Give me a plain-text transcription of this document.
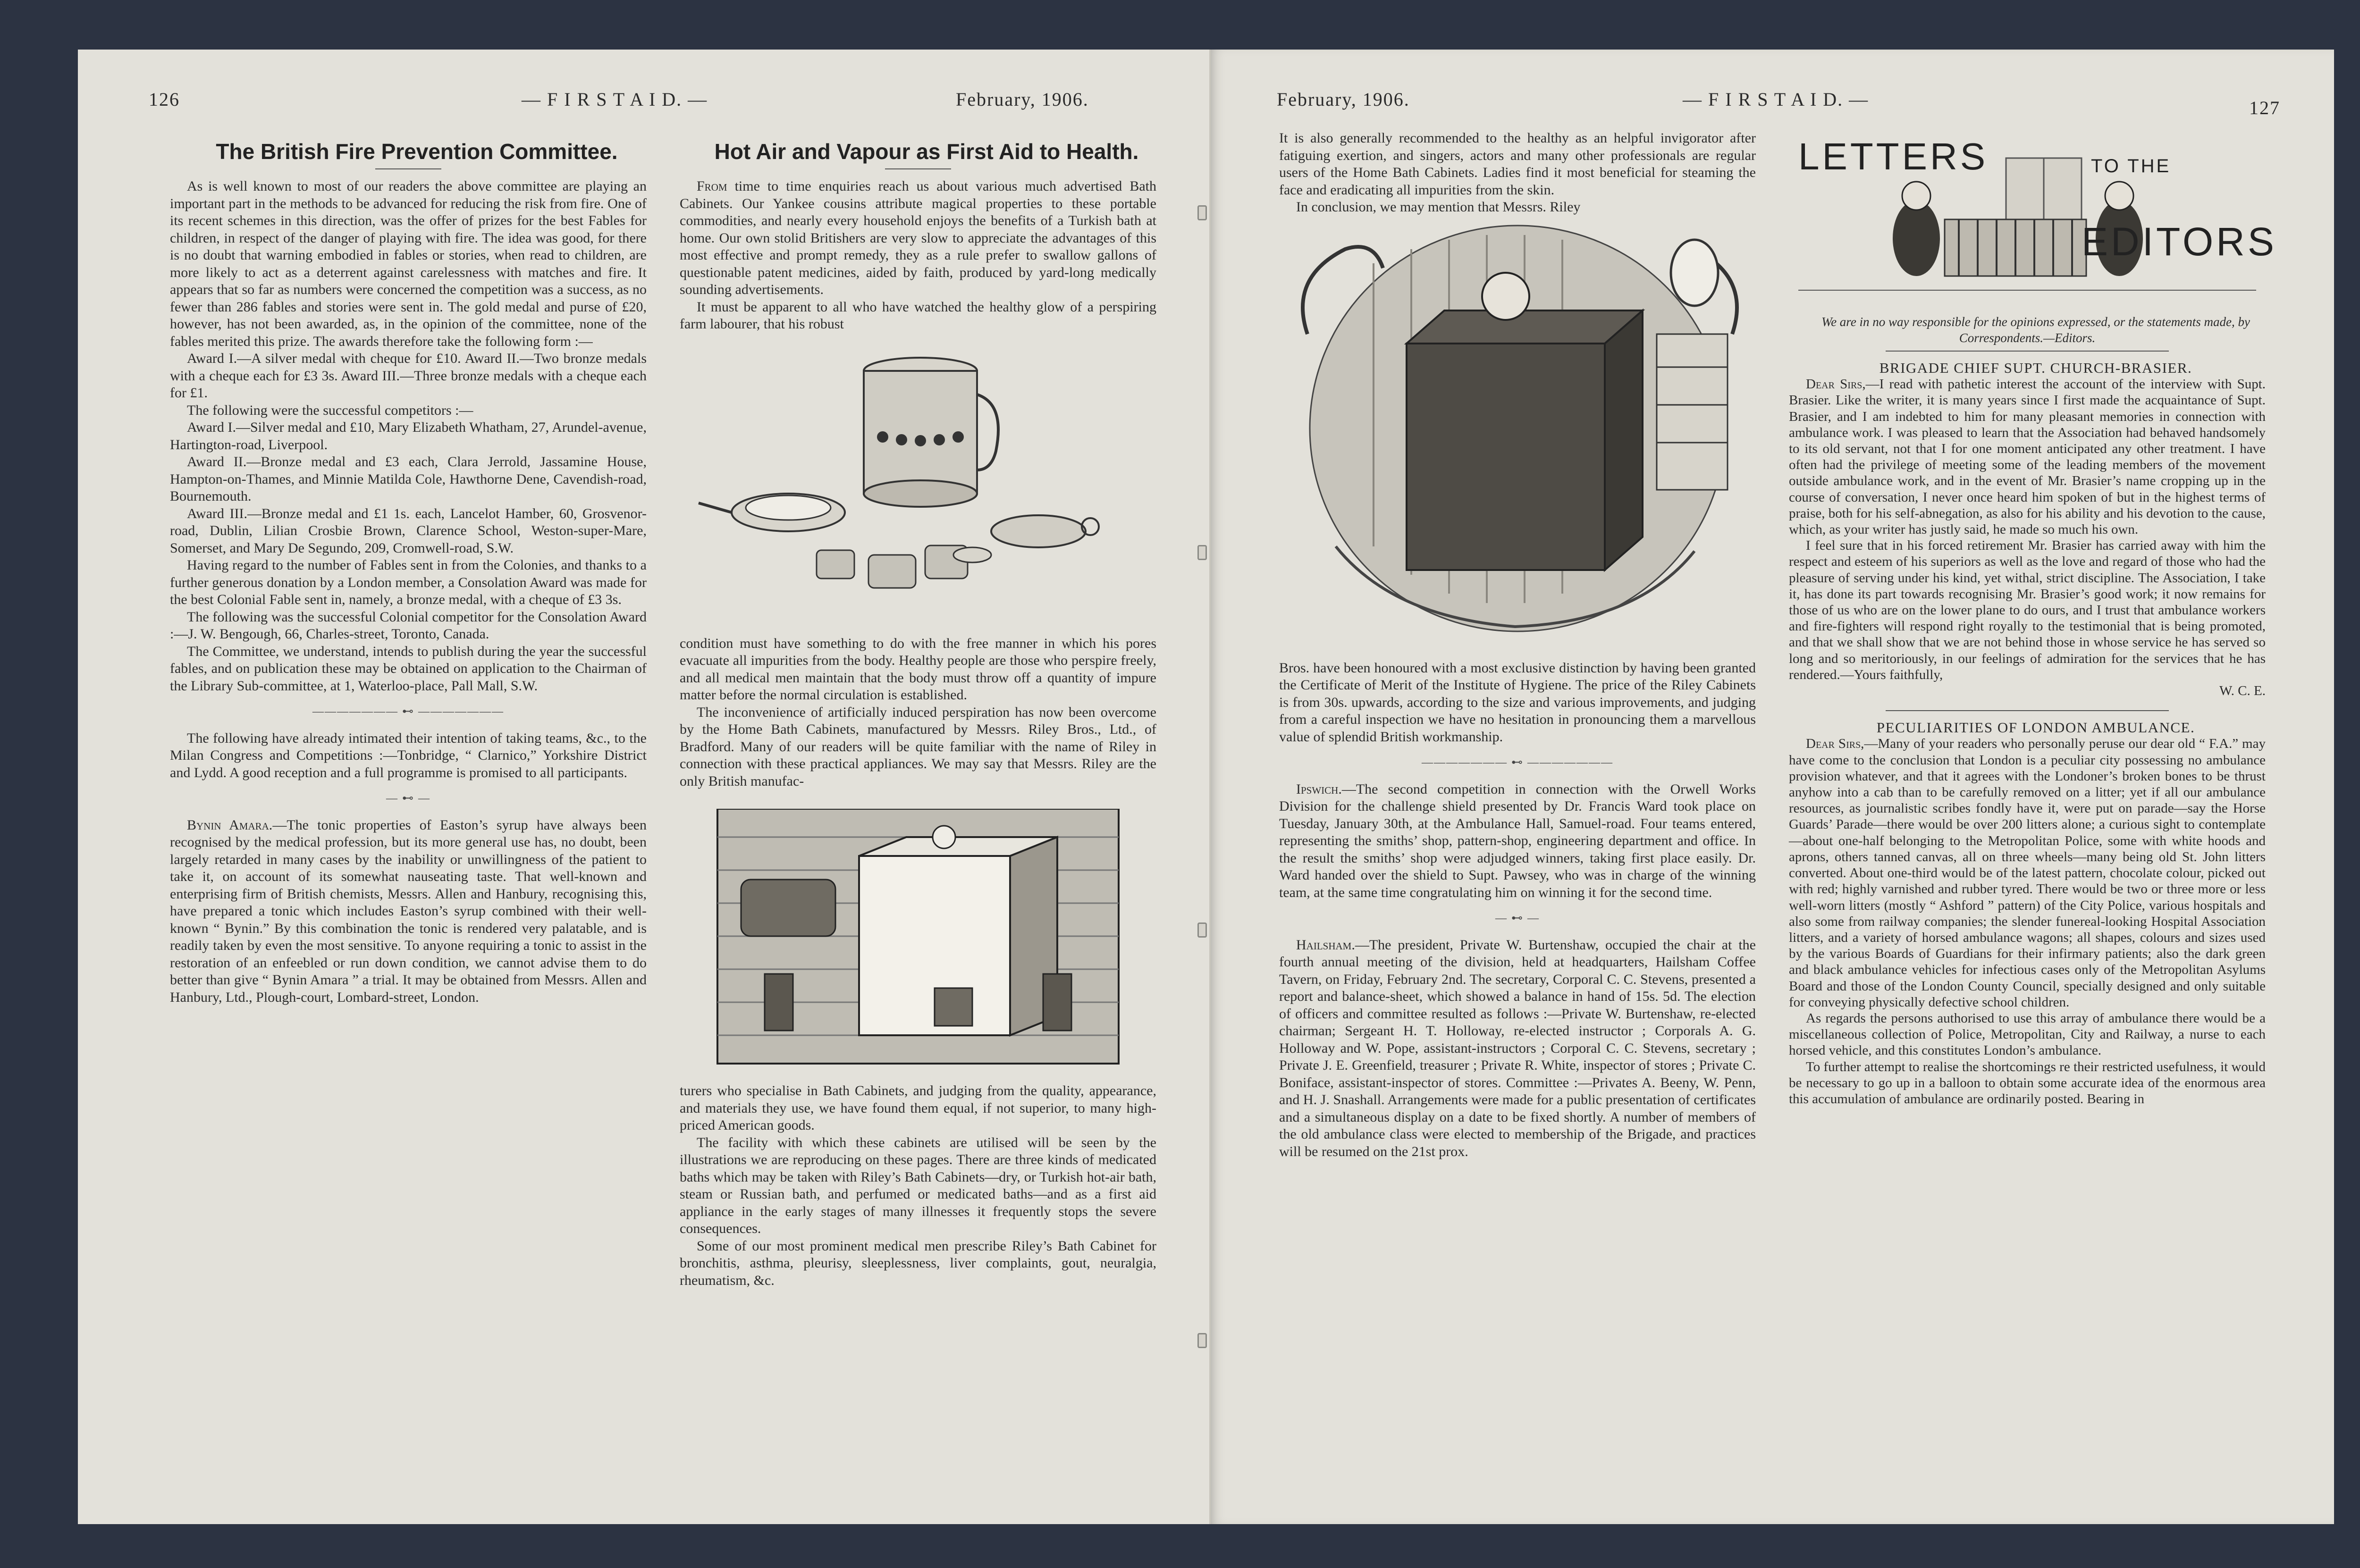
126	— F I R S T A I D. —	February, 1906.

The British Fire Prevention Committee.

As is well known to most of our readers the above committee are playing an important part in the methods to be advanced for reducing the risk from fire. One of its recent schemes in this direction, was the offer of prizes for the best Fables for children, in respect of the danger of playing with fire. The idea was good, for there is no doubt that warning embodied in fables or stories, when read to children, are more likely to act as a deterrent against carelessness with matches and fire. It appears that so far as numbers were concerned the competition was a success, as no fewer than 286 fables and stories were sent in. The gold medal and purse of £20, however, has not been awarded, as, in the opinion of the committee, none of the fables merited this prize. The awards therefore take the following form :—

Award I.—A silver medal with cheque for £10. Award II.—Two bronze medals with a cheque each for £3 3s. Award III.—Three bronze medals with a cheque each for £1.

The following were the successful competitors :—

Award I.—Silver medal and £10, Mary Elizabeth Whatham, 27, Arundel-avenue, Hartington-road, Liverpool.

Award II.—Bronze medal and £3 each, Clara Jerrold, Jassamine House, Hampton-on-Thames, and Minnie Matilda Cole, Hawthorne Dene, Cavendish-road, Bournemouth.

Award III.—Bronze medal and £1 1s. each, Lancelot Hamber, 60, Grosvenor-road, Dublin, Lilian Crosbie Brown, Clarence School, Weston-super-Mare, Somerset, and Mary De Segundo, 209, Cromwell-road, S.W.

Having regard to the number of Fables sent in from the Colonies, and thanks to a further generous donation by a London member, a Consolation Award was made for the best Colonial Fable sent in, namely, a bronze medal, with a cheque of £3 3s.

The following was the successful Colonial competitor for the Consolation Award :—J. W. Bengough, 66, Charles-street, Toronto, Canada.

The Committee, we understand, intends to publish during the year the successful fables, and on publication these may be obtained on application to the Chairman of the Library Sub-committee, at 1, Waterloo-place, Pall Mall, S.W.

——————— ⊷ ———————

The following have already intimated their intention of taking teams, &c., to the Milan Congress and Competitions :—Tonbridge, “ Clarnico,” Yorkshire District and Lydd. A good reception and a full programme is promised to all participants.

— ⊷ —

Bynin Amara.—The tonic properties of Easton’s syrup have always been recognised by the medical profession, but its more general use has, no doubt, been largely retarded in many cases by the inability or unwillingness of the patient to take it, on account of its somewhat nauseating taste. That well-known and enterprising firm of British chemists, Messrs. Allen and Hanbury, recognising this, have prepared a tonic which includes Easton’s syrup combined with their well-known “ Bynin.” By this combination the tonic is rendered very palatable, and is readily taken by even the most sensitive. To anyone requiring a tonic to assist in the restoration of an enfeebled or run down condition, we cannot advise them to do better than give “ Bynin Amara ” a trial. It may be obtained from Messrs. Allen and Hanbury, Ltd., Plough-court, Lombard-street, London.

Hot Air and Vapour as First Aid to Health.

From time to time enquiries reach us about various much advertised Bath Cabinets. Our Yankee cousins attribute magical properties to these portable commodities, and nearly every household enjoys the benefits of a Turkish bath at home. Our own stolid Britishers are very slow to appreciate the advantages of this most effective and prompt remedy, they as a rule prefer to swallow gallons of questionable patent medicines, aided by faith, produced by yard-long medically sounding advertisements.

It must be apparent to all who have watched the healthy glow of a perspiring farm labourer, that his robust

condition must have something to do with the free manner in which his pores evacuate all impurities from the body. Healthy people are those who perspire freely, and all medical men maintain that the body must throw off a quantity of impure matter before the normal circulation is established.

The inconvenience of artificially induced perspiration has now been overcome by the Home Bath Cabinets, manufactured by Messrs. Riley Bros., Ltd., of Bradford. Many of our readers will be quite familiar with the name of Riley in connection with these practical appliances. We may say that Messrs. Riley are the only British manufac-

turers who specialise in Bath Cabinets, and judging from the quality, appearance, and materials they use, we have found them equal, if not superior, to many high-priced American goods.

The facility with which these cabinets are utilised will be seen by the illustrations we are reproducing on these pages. There are three kinds of medicated baths which may be taken with Riley’s Bath Cabinets—dry, or Turkish hot-air bath, steam or Russian bath, and perfumed or medicated baths—and as a first aid appliance in the early stages of many illnesses it frequently stops the severe consequences.

Some of our most prominent medical men prescribe Riley’s Bath Cabinet for bronchitis, asthma, pleurisy, sleeplessness, liver complaints, gout, neuralgia, rheumatism, &c.

February, 1906.	— F I R S T A I D. —	127

It is also generally recommended to the healthy as an helpful invigorator after fatiguing exertion, and singers, actors and many other professionals are regular users of the Home Bath Cabinets. Ladies find it most beneficial for steaming the face and eradicating all impurities from the skin.

In conclusion, we may mention that Messrs. Riley

Bros. have been honoured with a most exclusive distinction by having been granted the Certificate of Merit of the Institute of Hygiene. The price of the Riley Cabinets is from 30s. upwards, according to the size and various improvements, and judging from a careful inspection we have no hesitation in pronouncing them a marvellous value of splendid British workmanship.

——————— ⊷ ———————

Ipswich.—The second competition in connection with the Orwell Works Division for the challenge shield presented by Dr. Francis Ward took place on Tuesday, January 30th, at the Ambulance Hall, Samuel-road. Four teams entered, representing the smiths’ shop, pattern-shop, engineering department and office. In the result the smiths’ shop were adjudged winners, taking first place easily. Dr. Ward handed over the shield to Supt. Pawsey, who was in charge of the winning team, at the same time congratulating him on winning it for the second time.

— ⊷ —

Hailsham.—The president, Private W. Burtenshaw, occupied the chair at the fourth annual meeting of the division, held at headquarters, Hailsham Coffee Tavern, on Friday, February 2nd. The secretary, Corporal C. C. Stevens, presented a report and balance-sheet, which showed a balance in hand of 15s. 5d. The election of officers and committee resulted as follows :—Private W. Burtenshaw, re-elected chairman; Sergeant H. T. Holloway, re-elected instructor ; Corporals A. G. Holloway and W. Pope, assistant-instructors ; Corporal C. C. Stevens, secretary ; Private J. E. Greenfield, treasurer ; Private R. White, inspector of stores ; Private C. Boniface, assistant-inspector of stores. Committee :—Privates A. Beeny, W. Penn, and H. J. Snashall. Arrangements were made for a public presentation of certificates and a simultaneous display on a date to be fixed shortly. A number of members of the old ambulance class were elected to membership of the Brigade, and practices will be resumed on the 21st prox.

LETTERS	TO THE
EDITORS

We are in no way responsible for the opinions expressed, or the statements made, by Correspondents.—Editors.

BRIGADE CHIEF SUPT. CHURCH-BRASIER.

Dear Sirs,—I read with pathetic interest the account of the interview with Supt. Brasier. Like the writer, it is many years since I first made the acquaintance of Supt. Brasier, and I am indebted to him for many pleasant memories in connection with ambulance work. I was pleased to learn that the Association had behaved handsomely to its old servant, not that I for one moment anticipated any other treatment. I have often had the privilege of meeting some of the leading members of the movement outside ambulance work, and in the event of Mr. Brasier’s name cropping up in the course of conversation, I never once heard him spoken of but in the highest terms of praise, both for his self-abnegation, as also for his ability and his devotion to the cause, which, as your writer has justly said, he made so much his own.

I feel sure that in his forced retirement Mr. Brasier has carried away with him the respect and esteem of his superiors as well as the love and regard of those who had the pleasure of serving under his kind, yet withal, strict discipline. The Association, I take it, has done its part towards recognising Mr. Brasier’s good work; it now remains for those of us who are on the lower plane to do ours, and I trust that ambulance workers and fire-fighters will respond right royally to the testimonial that is being promoted, and that we shall show that we are not behind those in whose service he has served so long and so meritoriously, in our feelings of admiration for the services that he has rendered.—Yours faithfully,

W. C. E.

PECULIARITIES OF LONDON AMBULANCE.

Dear Sirs,—Many of your readers who personally peruse our dear old “ F.A.” may have come to the conclusion that London is a peculiar city possessing no ambulance provision whatever, and that it agrees with the Londoner’s broken bones to be thrust anyhow into a cab than to be carefully removed on a litter; yet if all our ambulance resources, as journalistic scribes fondly have it, were put on parade—say the Horse Guards’ Parade—there would be over 200 litters alone; a curious sight to contemplate—about one-half belonging to the Metropolitan Police, some with white hoods and aprons, others tanned canvas, all on three wheels—many being old St. John litters converted. About one-third would be of the latest pattern, chocolate colour, picked out with red; highly varnished and rubber tyred. There would be two or three more or less well-worn litters (mostly “ Ashford ” pattern) of the City Police, various hospitals and also some from railway companies; the slender funereal-looking Hospital Association litters, and a variety of horsed ambulance wagons; all shapes, colours and sizes used by the various Boards of Guardians for their infirmary patients; also the dark green and black ambulance vehicles for infectious cases only of the Metropolitan Asylums Board and those of the London County Council, specially designed and only suitable for conveying physically defective school children.

As regards the persons authorised to use this array of ambulance there would be a miscellaneous collection of Police, Metropolitan, City and Railway, a nurse to each horsed vehicle, and this constitutes London’s ambulance.

To further attempt to realise the shortcomings re their restricted usefulness, it would be necessary to go up in a balloon to obtain some accurate idea of the enormous area this accumulation of ambulance are ordinarily posted. Bearing in
